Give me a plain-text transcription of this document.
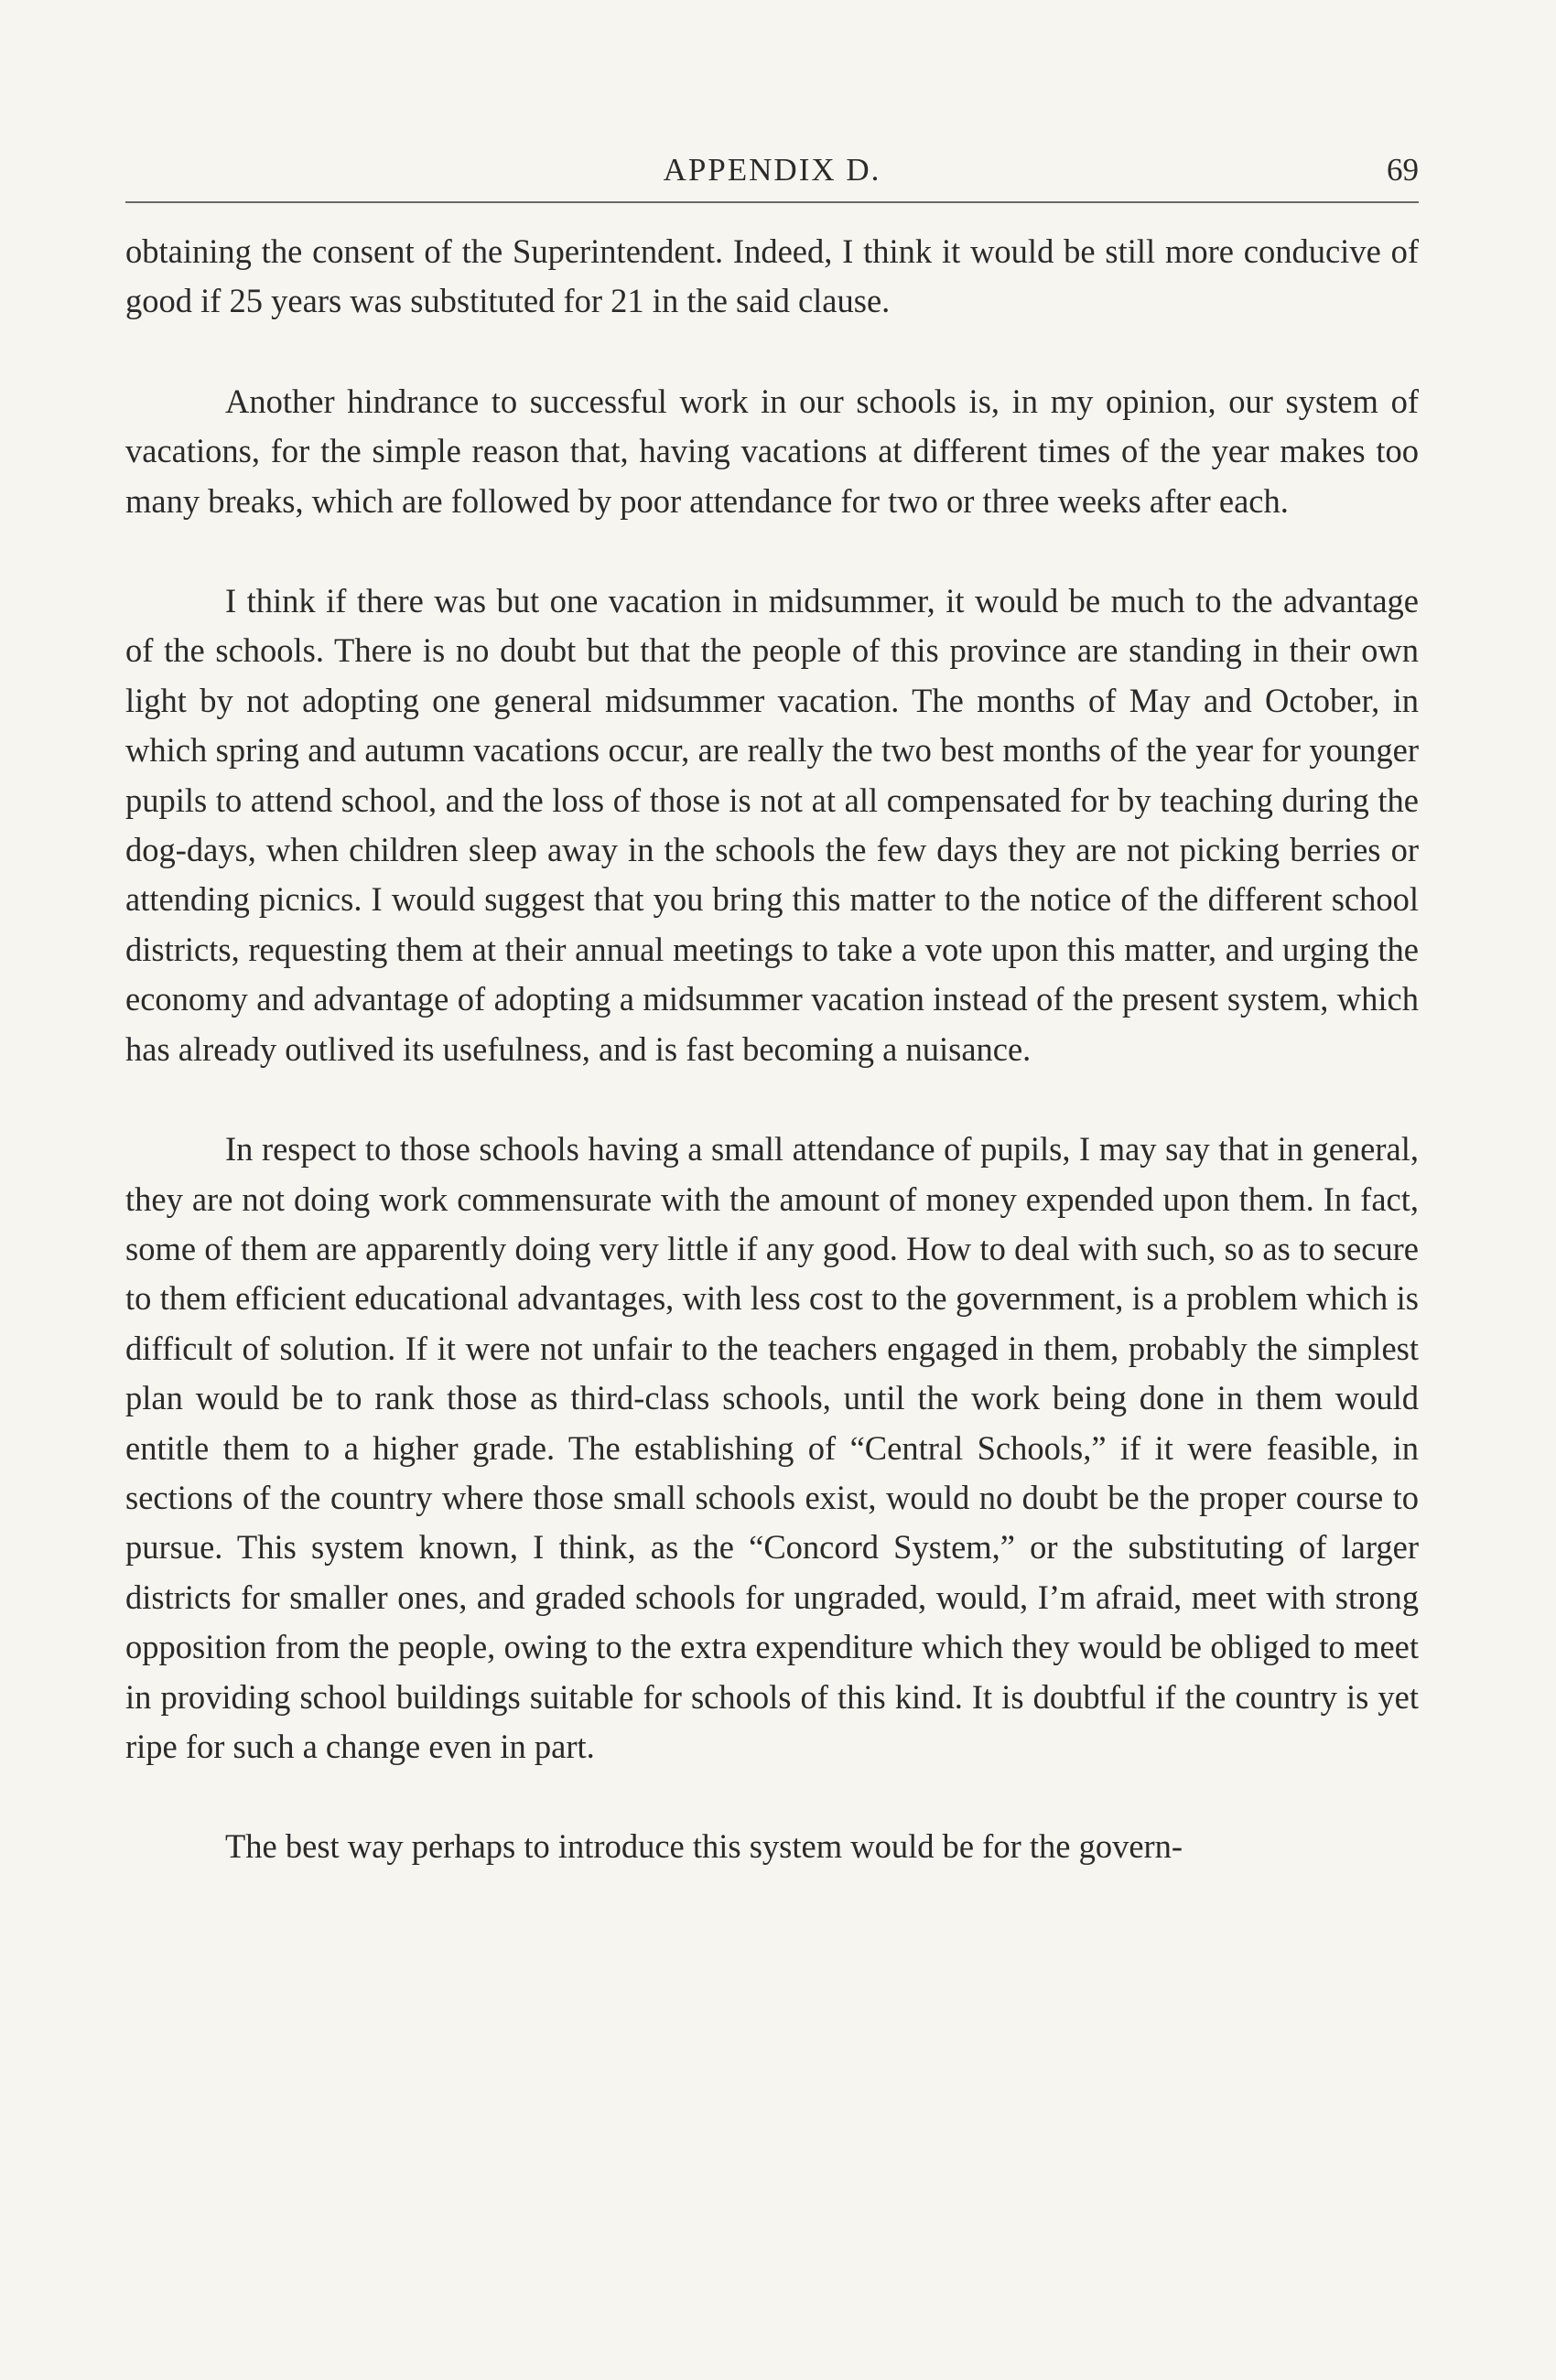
APPENDIX D.	69

obtaining the consent of the Superintendent. Indeed, I think it would be still more conducive of good if 25 years was substituted for 21 in the said clause.

Another hindrance to successful work in our schools is, in my opinion, our system of vacations, for the simple reason that, having vacations at different times of the year makes too many breaks, which are followed by poor attendance for two or three weeks after each.

I think if there was but one vacation in midsummer, it would be much to the advantage of the schools. There is no doubt but that the people of this province are standing in their own light by not adopting one general midsummer vacation. The months of May and October, in which spring and autumn vacations occur, are really the two best months of the year for younger pupils to attend school, and the loss of those is not at all compensated for by teaching during the dog-days, when children sleep away in the schools the few days they are not picking berries or attending picnics. I would suggest that you bring this matter to the notice of the different school districts, requesting them at their annual meetings to take a vote upon this matter, and urging the economy and advantage of adopting a midsummer vacation instead of the present system, which has already outlived its usefulness, and is fast becoming a nuisance.

In respect to those schools having a small attendance of pupils, I may say that in general, they are not doing work commensurate with the amount of money expended upon them. In fact, some of them are apparently doing very little if any good. How to deal with such, so as to secure to them efficient educational advantages, with less cost to the government, is a problem which is difficult of solution. If it were not unfair to the teachers engaged in them, probably the simplest plan would be to rank those as third-class schools, until the work being done in them would entitle them to a higher grade. The establishing of “Central Schools,” if it were feasible, in sections of the country where those small schools exist, would no doubt be the proper course to pursue. This system known, I think, as the “Concord System,” or the substituting of larger districts for smaller ones, and graded schools for ungraded, would, I’m afraid, meet with strong opposition from the people, owing to the extra expenditure which they would be obliged to meet in providing school buildings suitable for schools of this kind. It is doubtful if the country is yet ripe for such a change even in part.

The best way perhaps to introduce this system would be for the govern-
